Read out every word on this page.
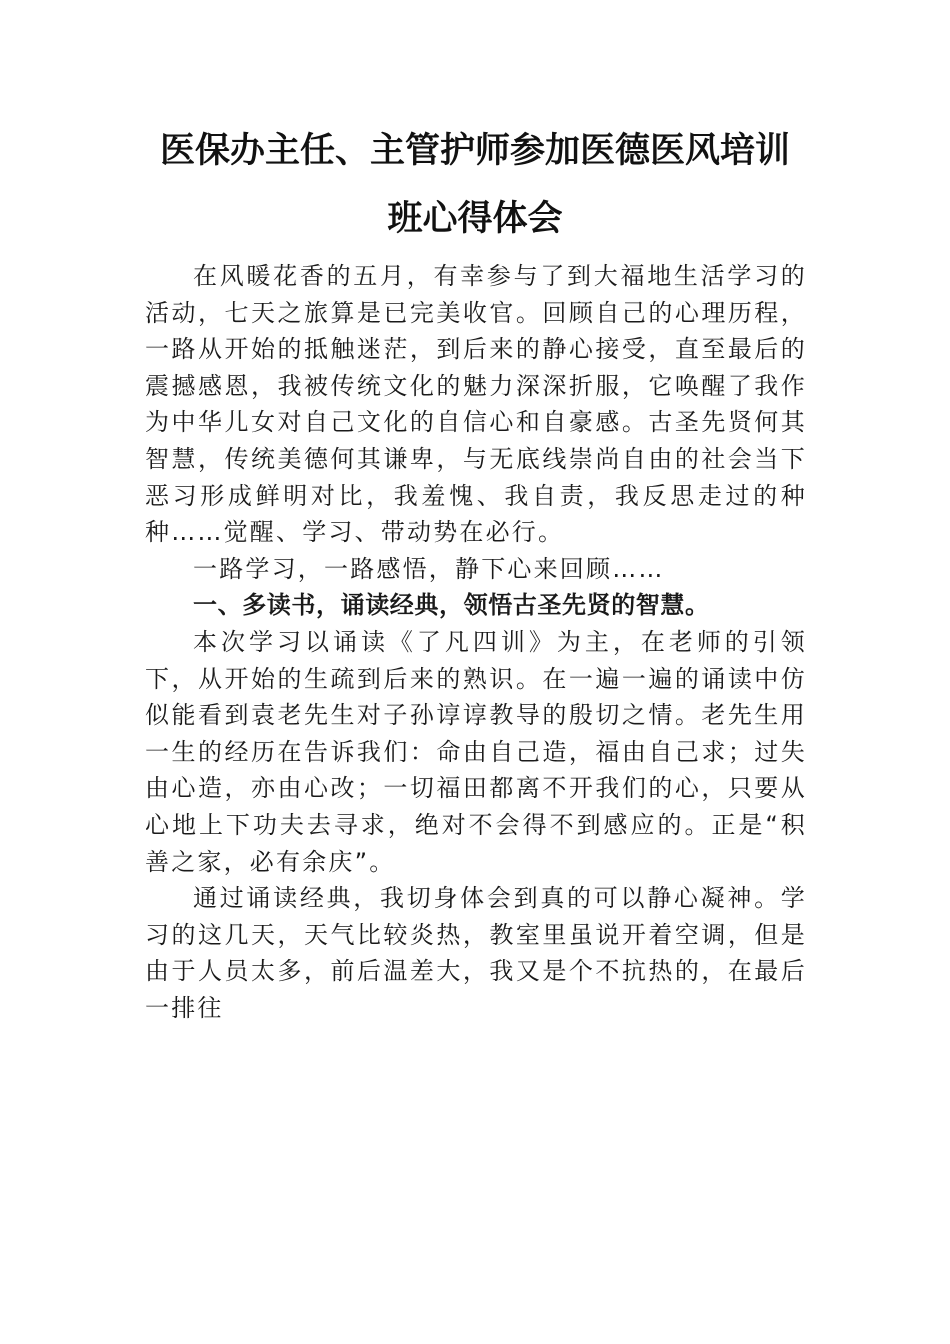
医保办主任、主管护师参加医德医风培训
班心得体会

在风暖花香的五月，有幸参与了到大福地生活学习的活动，七天之旅算是已完美收官。回顾自己的心理历程，一路从开始的抵触迷茫，到后来的静心接受，直至最后的震撼感恩，我被传统文化的魅力深深折服，它唤醒了我作为中华儿女对自己文化的自信心和自豪感。古圣先贤何其智慧，传统美德何其谦卑，与无底线崇尚自由的社会当下恶习形成鲜明对比，我羞愧、我自责，我反思走过的种种……觉醒、学习、带动势在必行。

一路学习，一路感悟，静下心来回顾……

一、多读书，诵读经典，领悟古圣先贤的智慧。

本次学习以诵读《了凡四训》为主，在老师的引领下，从开始的生疏到后来的熟识。在一遍一遍的诵读中仿似能看到袁老先生对子孙谆谆教导的殷切之情。老先生用一生的经历在告诉我们：命由自己造，福由自己求；过失由心造，亦由心改；一切福田都离不开我们的心，只要从心地上下功夫去寻求，绝对不会得不到感应的。正是“积善之家，必有余庆”。

通过诵读经典，我切身体会到真的可以静心凝神。学习的这几天，天气比较炎热，教室里虽说开着空调，但是由于人员太多，前后温差大，我又是个不抗热的，在最后一排往
